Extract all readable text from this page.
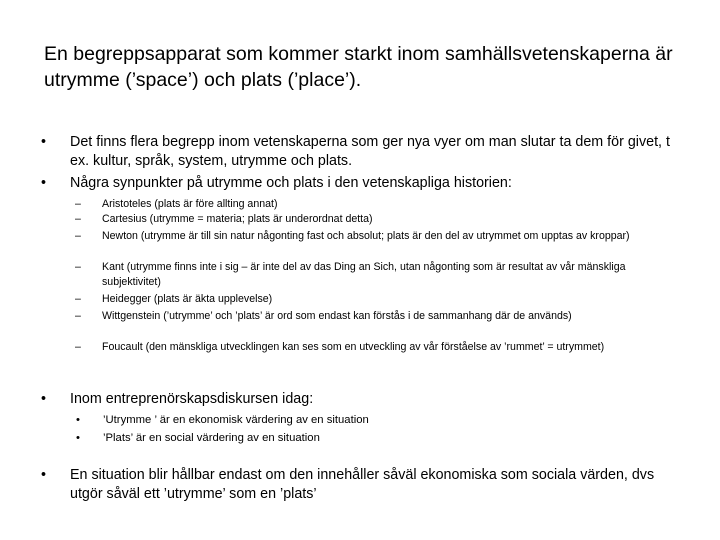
En begreppsapparat som kommer starkt inom samhällsvetenskaperna är utrymme (’space’) och plats (’place’).
• Det finns flera begrepp inom vetenskaperna som ger nya vyer om man slutar ta dem för givet, t ex. kultur, språk, system, utrymme och plats.
• Några synpunkter på utrymme och plats i den vetenskapliga historien:
– Aristoteles (plats är före allting annat)
– Cartesius (utrymme = materia; plats är underordnat detta)
– Newton (utrymme är till sin natur någonting fast och absolut; plats är den del av utrymmet om upptas av kroppar)
– Kant (utrymme finns inte i sig – är inte del av das Ding an Sich, utan någonting som är resultat av vår mänskliga subjektivitet)
– Heidegger (plats är äkta upplevelse)
– Wittgenstein (’utrymme’ och ’plats’ är ord som endast kan förstås i de sammanhang där de används)
– Foucault (den mänskliga utvecklingen kan ses som en utveckling av vår förståelse av ’rummet’ = utrymmet)
• Inom entreprenörskapsdiskursen idag:
• ’Utrymme ’ är en ekonomisk värdering av en situation
• ’Plats’ är en social värdering av en situation
• En situation blir hållbar endast om den innehåller såväl ekonomiska som sociala värden, dvs utgör såväl ett ’utrymme’ som en ’plats’
